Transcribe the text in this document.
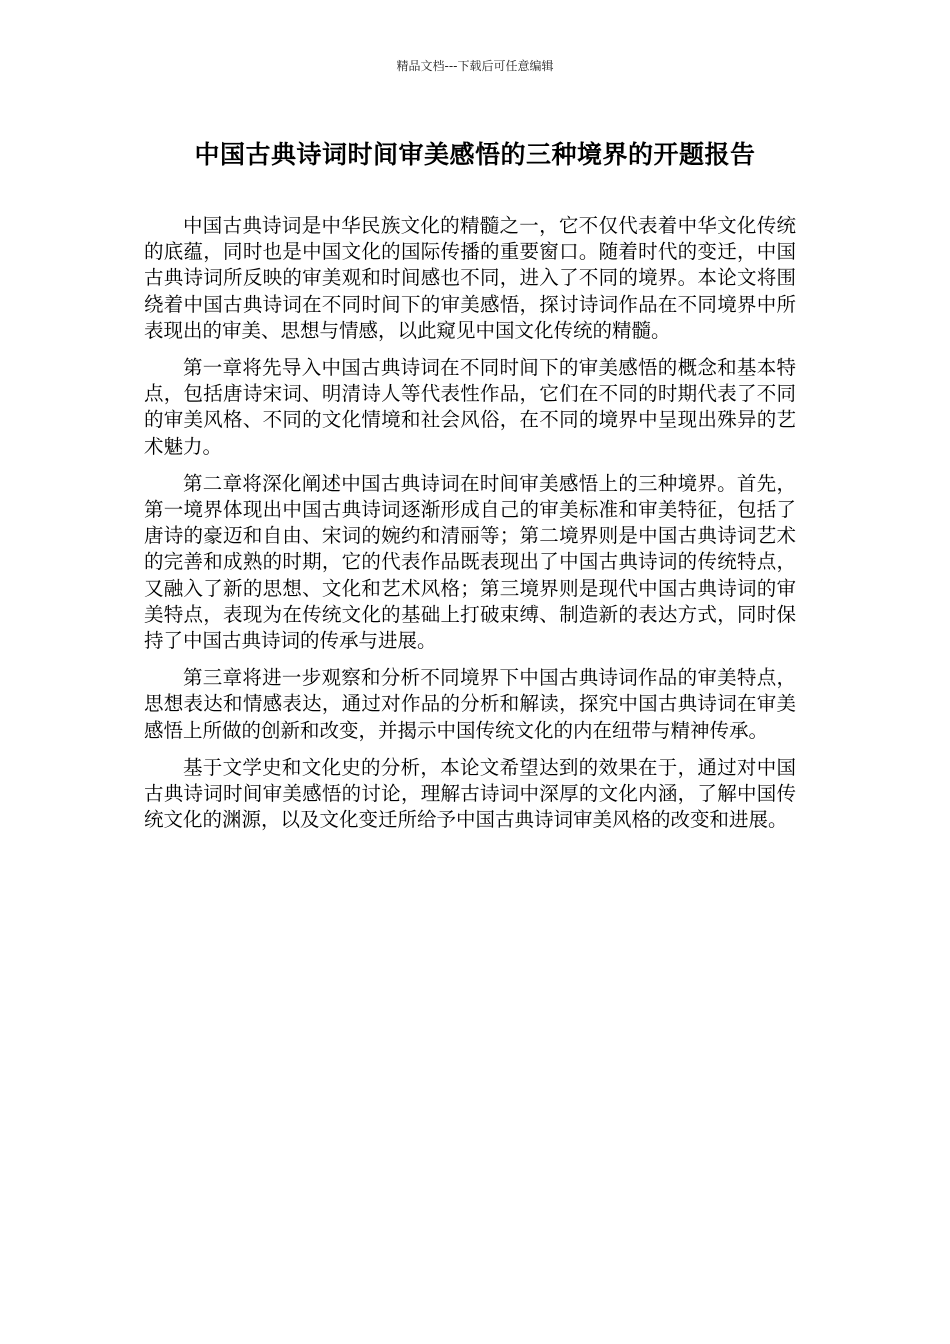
精品文档---下载后可任意编辑
中国古典诗词时间审美感悟的三种境界的开题报告

中国古典诗词是中华民族文化的精髓之一，它不仅代表着中华文化传统的底蕴，同时也是中国文化的国际传播的重要窗口。随着时代的变迁，中国古典诗词所反映的审美观和时间感也不同，进入了不同的境界。本论文将围绕着中国古典诗词在不同时间下的审美感悟，探讨诗词作品在不同境界中所表现出的审美、思想与情感，以此窥见中国文化传统的精髓。

第一章将先导入中国古典诗词在不同时间下的审美感悟的概念和基本特点，包括唐诗宋词、明清诗人等代表性作品，它们在不同的时期代表了不同的审美风格、不同的文化情境和社会风俗，在不同的境界中呈现出殊异的艺术魅力。

第二章将深化阐述中国古典诗词在时间审美感悟上的三种境界。首先，第一境界体现出中国古典诗词逐渐形成自己的审美标准和审美特征，包括了唐诗的豪迈和自由、宋词的婉约和清丽等；第二境界则是中国古典诗词艺术的完善和成熟的时期，它的代表作品既表现出了中国古典诗词的传统特点，又融入了新的思想、文化和艺术风格；第三境界则是现代中国古典诗词的审美特点，表现为在传统文化的基础上打破束缚、制造新的表达方式，同时保持了中国古典诗词的传承与进展。

第三章将进一步观察和分析不同境界下中国古典诗词作品的审美特点，思想表达和情感表达，通过对作品的分析和解读，探究中国古典诗词在审美感悟上所做的创新和改变，并揭示中国传统文化的内在纽带与精神传承。

基于文学史和文化史的分析，本论文希望达到的效果在于，通过对中国古典诗词时间审美感悟的讨论，理解古诗词中深厚的文化内涵，了解中国传统文化的渊源，以及文化变迁所给予中国古典诗词审美风格的改变和进展。
